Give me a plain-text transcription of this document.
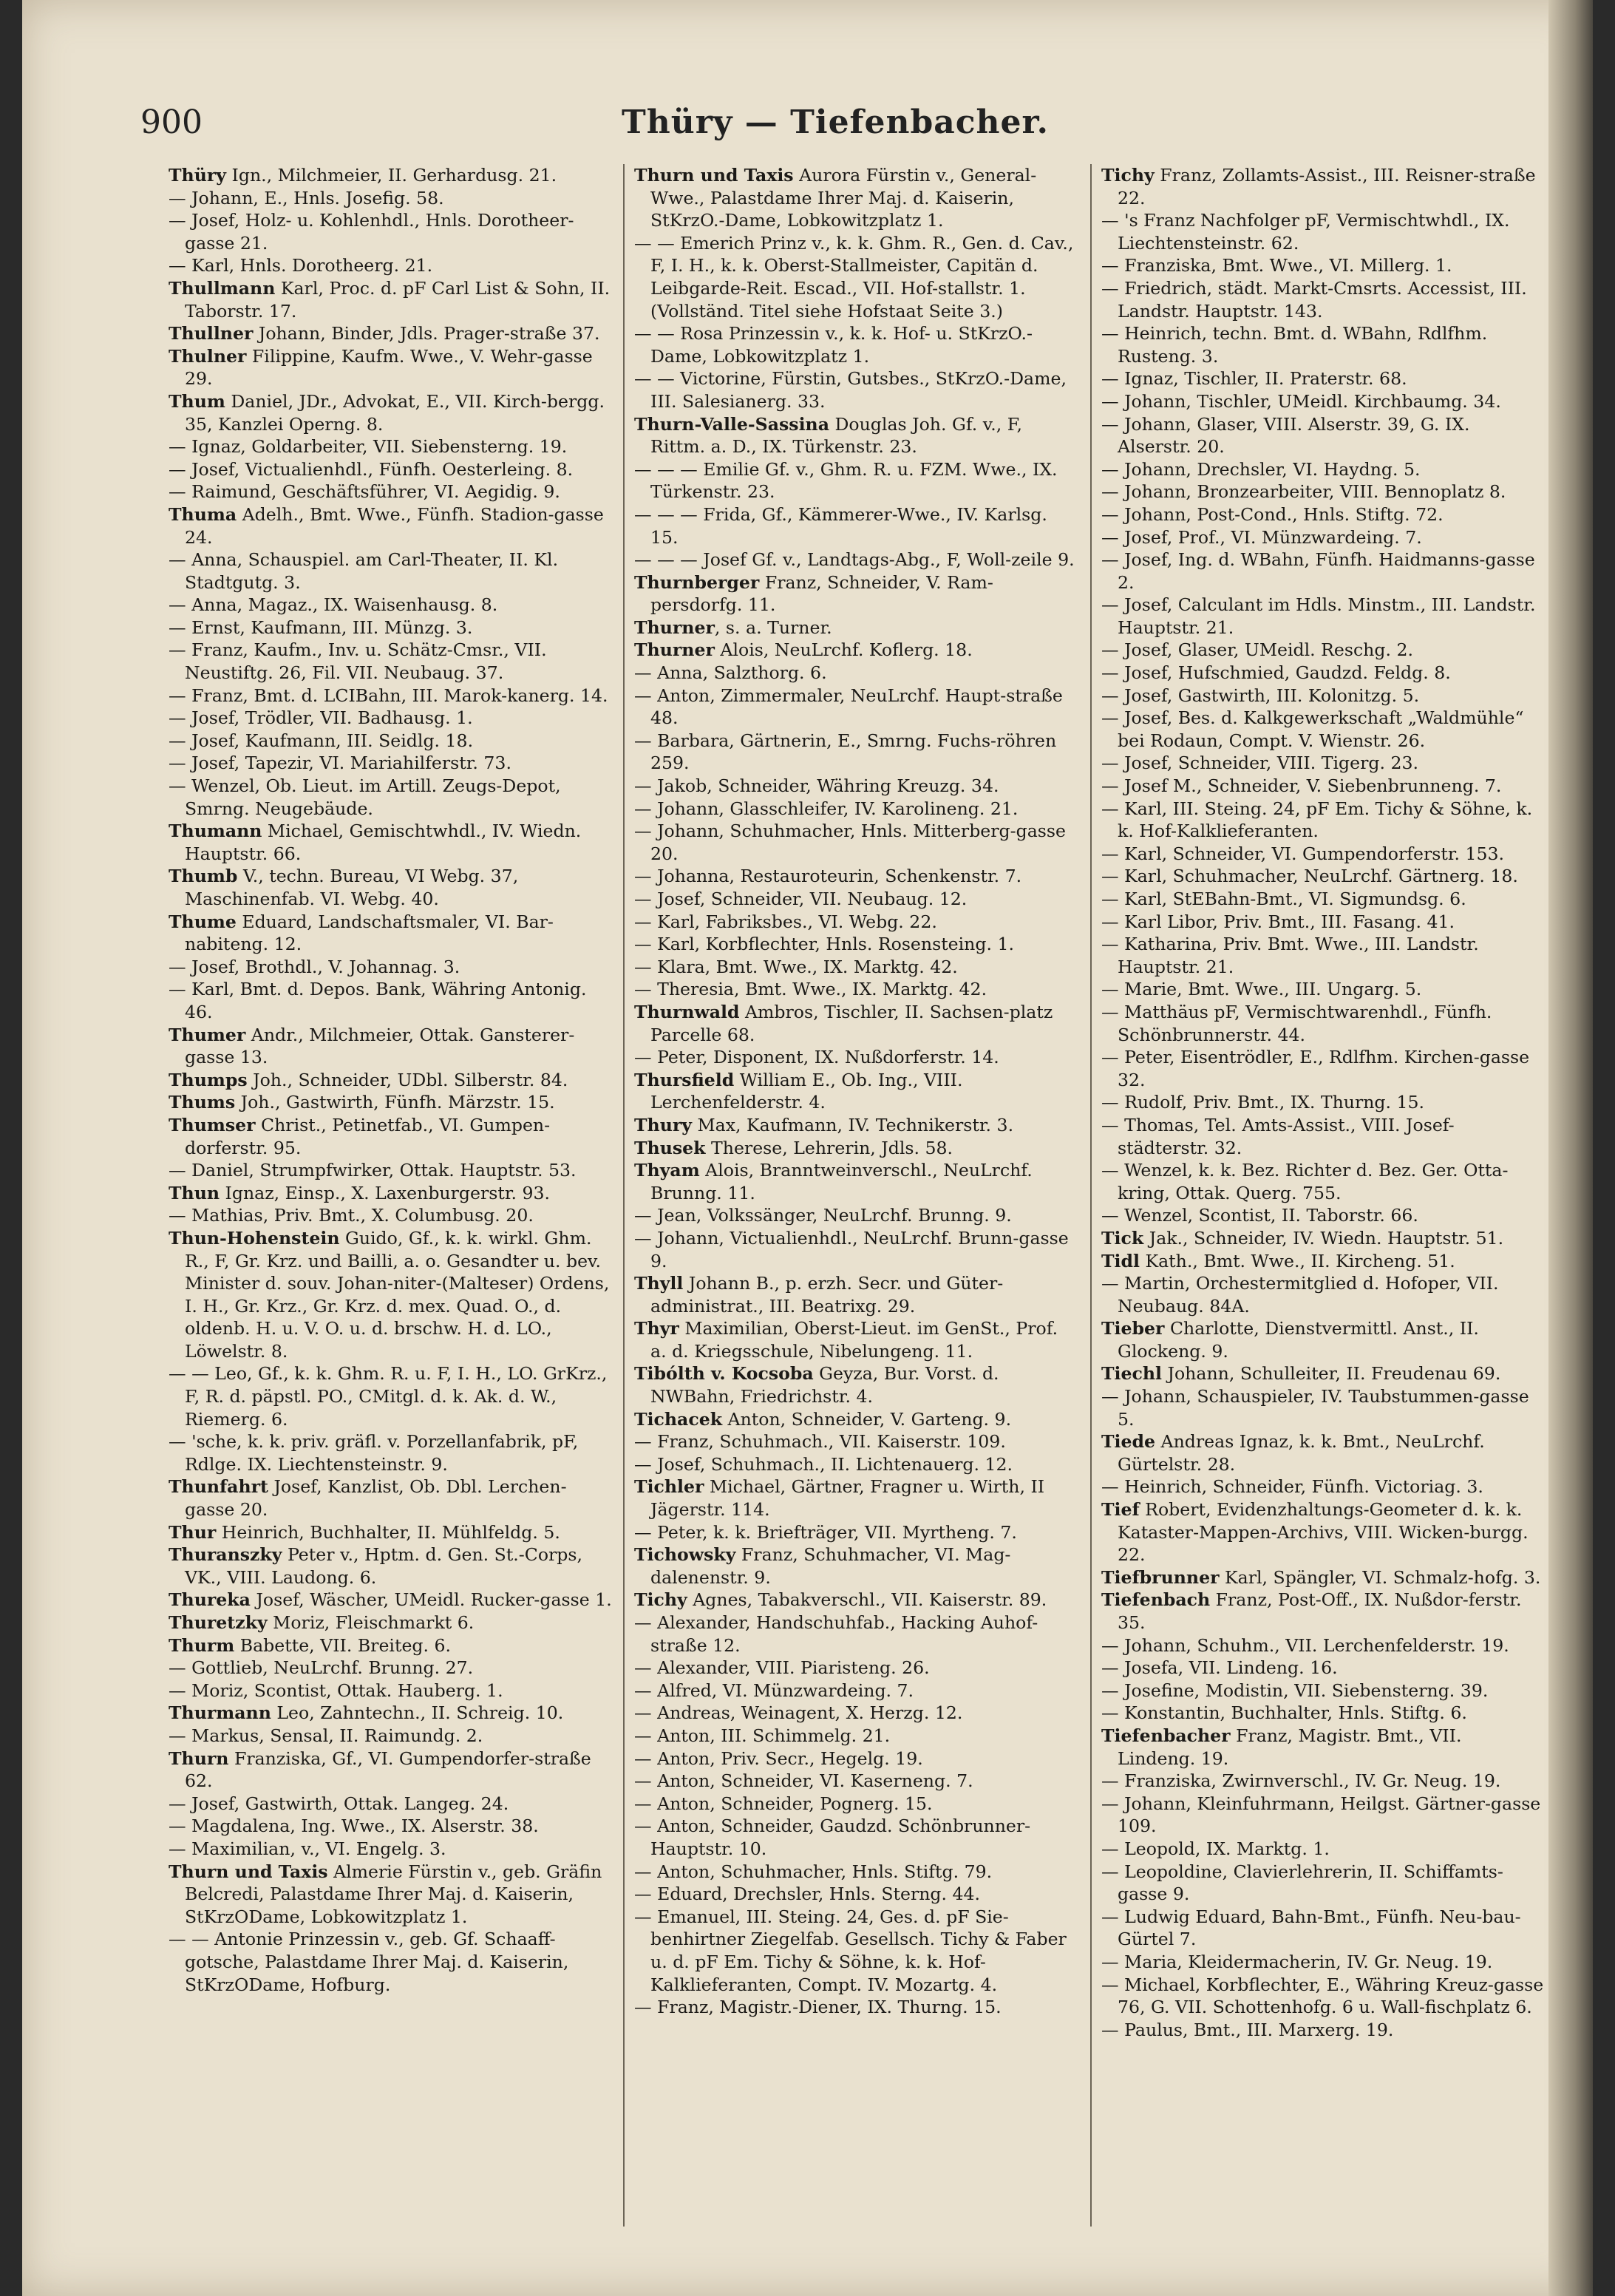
900	Thüry — Tiefenbacher.

Thüry Ign., Milchmeier, II. Gerhardusg. 21.

— Johann, E., Hnls. Josefig. 58.

— Josef, Holz- u. Kohlenhdl., Hnls. Dorotheer-gasse 21.

— Karl, Hnls. Dorotheerg. 21.

Thullmann Karl, Proc. d. pF Carl List & Sohn, II. Taborstr. 17.

Thullner Johann, Binder, Jdls. Prager-straße 37.

Thulner Filippine, Kaufm. Wwe., V. Wehr-gasse 29.

Thum Daniel, JDr., Advokat, E., VII. Kirch-bergg. 35, Kanzlei Operng. 8.

— Ignaz, Goldarbeiter, VII. Siebensterng. 19.

— Josef, Victualienhdl., Fünfh. Oesterleing. 8.

— Raimund, Geschäftsführer, VI. Aegidig. 9.

Thuma Adelh., Bmt. Wwe., Fünfh. Stadion-gasse 24.

— Anna, Schauspiel. am Carl-Theater, II. Kl. Stadtgutg. 3.

— Anna, Magaz., IX. Waisenhausg. 8.

— Ernst, Kaufmann, III. Münzg. 3.

— Franz, Kaufm., Inv. u. Schätz-Cmsr., VII. Neustiftg. 26, Fil. VII. Neubaug. 37.

— Franz, Bmt. d. LCIBahn, III. Marok-kanerg. 14.

— Josef, Trödler, VII. Badhausg. 1.

— Josef, Kaufmann, III. Seidlg. 18.

— Josef, Tapezir, VI. Mariahilferstr. 73.

— Wenzel, Ob. Lieut. im Artill. Zeugs-Depot, Smrng. Neugebäude.

Thumann Michael, Gemischtwhdl., IV. Wiedn. Hauptstr. 66.

Thumb V., techn. Bureau, VI Webg. 37, Maschinenfab. VI. Webg. 40.

Thume Eduard, Landschaftsmaler, VI. Bar-nabiteng. 12.

— Josef, Brothdl., V. Johannag. 3.

— Karl, Bmt. d. Depos. Bank, Währing Antonig. 46.

Thumer Andr., Milchmeier, Ottak. Gansterer-gasse 13.

Thumps Joh., Schneider, UDbl. Silberstr. 84.

Thums Joh., Gastwirth, Fünfh. Märzstr. 15.

Thumser Christ., Petinetfab., VI. Gumpen-dorferstr. 95.

— Daniel, Strumpfwirker, Ottak. Hauptstr. 53.

Thun Ignaz, Einsp., X. Laxenburgerstr. 93.

— Mathias, Priv. Bmt., X. Columbusg. 20.

Thun-Hohenstein Guido, Gf., k. k. wirkl. Ghm. R., F, Gr. Krz. und Bailli, a. o. Gesandter u. bev. Minister d. souv. Johan-niter-(Malteser) Ordens, I. H., Gr. Krz., Gr. Krz. d. mex. Quad. O., d. oldenb. H. u. V. O. u. d. brschw. H. d. LO., Löwelstr. 8.

— — Leo, Gf., k. k. Ghm. R. u. F, I. H., LO. GrKrz., F, R. d. päpstl. PO., CMitgl. d. k. Ak. d. W., Riemerg. 6.

— 'sche, k. k. priv. gräfl. v. Porzellanfabrik, pF, Rdlge. IX. Liechtensteinstr. 9.

Thunfahrt Josef, Kanzlist, Ob. Dbl. Lerchen-gasse 20.

Thur Heinrich, Buchhalter, II. Mühlfeldg. 5.

Thuranszky Peter v., Hptm. d. Gen. St.-Corps, VK., VIII. Laudong. 6.

Thureka Josef, Wäscher, UMeidl. Rucker-gasse 1.

Thuretzky Moriz, Fleischmarkt 6.

Thurm Babette, VII. Breiteg. 6.

— Gottlieb, NeuLrchf. Brunng. 27.

— Moriz, Scontist, Ottak. Hauberg. 1.

Thurmann Leo, Zahntechn., II. Schreig. 10.

— Markus, Sensal, II. Raimundg. 2.

Thurn Franziska, Gf., VI. Gumpendorfer-straße 62.

— Josef, Gastwirth, Ottak. Langeg. 24.

— Magdalena, Ing. Wwe., IX. Alserstr. 38.

— Maximilian, v., VI. Engelg. 3.

Thurn und Taxis Almerie Fürstin v., geb. Gräfin Belcredi, Palastdame Ihrer Maj. d. Kaiserin, StKrzODame, Lobkowitzplatz 1.

— — Antonie Prinzessin v., geb. Gf. Schaaff-gotsche, Palastdame Ihrer Maj. d. Kaiserin, StKrzODame, Hofburg.

Thurn und Taxis Aurora Fürstin v., General-Wwe., Palastdame Ihrer Maj. d. Kaiserin, StKrzO.-Dame, Lobkowitzplatz 1.

— — Emerich Prinz v., k. k. Ghm. R., Gen. d. Cav., F, I. H., k. k. Oberst-Stallmeister, Capitän d. Leibgarde-Reit. Escad., VII. Hof-stallstr. 1. (Vollständ. Titel siehe Hofstaat Seite 3.)

— — Rosa Prinzessin v., k. k. Hof- u. StKrzO.-Dame, Lobkowitzplatz 1.

— — Victorine, Fürstin, Gutsbes., StKrzO.-Dame, III. Salesianerg. 33.

Thurn-Valle-Sassina Douglas Joh. Gf. v., F, Rittm. a. D., IX. Türkenstr. 23.

— — — Emilie Gf. v., Ghm. R. u. FZM. Wwe., IX. Türkenstr. 23.

— — — Frida, Gf., Kämmerer-Wwe., IV. Karlsg. 15.

— — — Josef Gf. v., Landtags-Abg., F, Woll-zeile 9.

Thurnberger Franz, Schneider, V. Ram-persdorfg. 11.

Thurner, s. a. Turner.

Thurner Alois, NeuLrchf. Koflerg. 18.

— Anna, Salzthorg. 6.

— Anton, Zimmermaler, NeuLrchf. Haupt-straße 48.

— Barbara, Gärtnerin, E., Smrng. Fuchs-röhren 259.

— Jakob, Schneider, Währing Kreuzg. 34.

— Johann, Glasschleifer, IV. Karolineng. 21.

— Johann, Schuhmacher, Hnls. Mitterberg-gasse 20.

— Johanna, Restauroteurin, Schenkenstr. 7.

— Josef, Schneider, VII. Neubaug. 12.

— Karl, Fabriksbes., VI. Webg. 22.

— Karl, Korbflechter, Hnls. Rosensteing. 1.

— Klara, Bmt. Wwe., IX. Marktg. 42.

— Theresia, Bmt. Wwe., IX. Marktg. 42.

Thurnwald Ambros, Tischler, II. Sachsen-platz Parcelle 68.

— Peter, Disponent, IX. Nußdorferstr. 14.

Thursfield William E., Ob. Ing., VIII. Lerchenfelderstr. 4.

Thury Max, Kaufmann, IV. Technikerstr. 3.

Thusek Therese, Lehrerin, Jdls. 58.

Thyam Alois, Branntweinverschl., NeuLrchf. Brunng. 11.

— Jean, Volkssänger, NeuLrchf. Brunng. 9.

— Johann, Victualienhdl., NeuLrchf. Brunn-gasse 9.

Thyll Johann B., p. erzh. Secr. und Güter-administrat., III. Beatrixg. 29.

Thyr Maximilian, Oberst-Lieut. im GenSt., Prof. a. d. Kriegsschule, Nibelungeng. 11.

Tibólth v. Kocsoba Geyza, Bur. Vorst. d. NWBahn, Friedrichstr. 4.

Tichacek Anton, Schneider, V. Garteng. 9.

— Franz, Schuhmach., VII. Kaiserstr. 109.

— Josef, Schuhmach., II. Lichtenauerg. 12.

Tichler Michael, Gärtner, Fragner u. Wirth, II Jägerstr. 114.

— Peter, k. k. Briefträger, VII. Myrtheng. 7.

Tichowsky Franz, Schuhmacher, VI. Mag-dalenenstr. 9.

Tichy Agnes, Tabakverschl., VII. Kaiserstr. 89.

— Alexander, Handschuhfab., Hacking Auhof-straße 12.

— Alexander, VIII. Piaristeng. 26.

— Alfred, VI. Münzwardeing. 7.

— Andreas, Weinagent, X. Herzg. 12.

— Anton, III. Schimmelg. 21.

— Anton, Priv. Secr., Hegelg. 19.

— Anton, Schneider, VI. Kaserneng. 7.

— Anton, Schneider, Pognerg. 15.

— Anton, Schneider, Gaudzd. Schönbrunner-Hauptstr. 10.

— Anton, Schuhmacher, Hnls. Stiftg. 79.

— Eduard, Drechsler, Hnls. Sterng. 44.

— Emanuel, III. Steing. 24, Ges. d. pF Sie-benhirtner Ziegelfab. Gesellsch. Tichy & Faber u. d. pF Em. Tichy & Söhne, k. k. Hof-Kalklieferanten, Compt. IV. Mozartg. 4.

— Franz, Magistr.-Diener, IX. Thurng. 15.

Tichy Franz, Zollamts-Assist., III. Reisner-straße 22.

— 's Franz Nachfolger pF, Vermischtwhdl., IX. Liechtensteinstr. 62.

— Franziska, Bmt. Wwe., VI. Millerg. 1.

— Friedrich, städt. Markt-Cmsrts. Accessist, III. Landstr. Hauptstr. 143.

— Heinrich, techn. Bmt. d. WBahn, Rdlfhm. Rusteng. 3.

— Ignaz, Tischler, II. Praterstr. 68.

— Johann, Tischler, UMeidl. Kirchbaumg. 34.

— Johann, Glaser, VIII. Alserstr. 39, G. IX. Alserstr. 20.

— Johann, Drechsler, VI. Haydng. 5.

— Johann, Bronzearbeiter, VIII. Bennoplatz 8.

— Johann, Post-Cond., Hnls. Stiftg. 72.

— Josef, Prof., VI. Münzwardeing. 7.

— Josef, Ing. d. WBahn, Fünfh. Haidmanns-gasse 2.

— Josef, Calculant im Hdls. Minstm., III. Landstr. Hauptstr. 21.

— Josef, Glaser, UMeidl. Reschg. 2.

— Josef, Hufschmied, Gaudzd. Feldg. 8.

— Josef, Gastwirth, III. Kolonitzg. 5.

— Josef, Bes. d. Kalkgewerkschaft „Waldmühle“ bei Rodaun, Compt. V. Wienstr. 26.

— Josef, Schneider, VIII. Tigerg. 23.

— Josef M., Schneider, V. Siebenbrunneng. 7.

— Karl, III. Steing. 24, pF Em. Tichy & Söhne, k. k. Hof-Kalklieferanten.

— Karl, Schneider, VI. Gumpendorferstr. 153.

— Karl, Schuhmacher, NeuLrchf. Gärtnerg. 18.

— Karl, StEBahn-Bmt., VI. Sigmundsg. 6.

— Karl Libor, Priv. Bmt., III. Fasang. 41.

— Katharina, Priv. Bmt. Wwe., III. Landstr. Hauptstr. 21.

— Marie, Bmt. Wwe., III. Ungarg. 5.

— Matthäus pF, Vermischtwarenhdl., Fünfh. Schönbrunnerstr. 44.

— Peter, Eisentrödler, E., Rdlfhm. Kirchen-gasse 32.

— Rudolf, Priv. Bmt., IX. Thurng. 15.

— Thomas, Tel. Amts-Assist., VIII. Josef-städterstr. 32.

— Wenzel, k. k. Bez. Richter d. Bez. Ger. Otta-kring, Ottak. Querg. 755.

— Wenzel, Scontist, II. Taborstr. 66.

Tick Jak., Schneider, IV. Wiedn. Hauptstr. 51.

Tidl Kath., Bmt. Wwe., II. Kircheng. 51.

— Martin, Orchestermitglied d. Hofoper, VII. Neubaug. 84A.

Tieber Charlotte, Dienstvermittl. Anst., II. Glockeng. 9.

Tiechl Johann, Schulleiter, II. Freudenau 69.

— Johann, Schauspieler, IV. Taubstummen-gasse 5.

Tiede Andreas Ignaz, k. k. Bmt., NeuLrchf. Gürtelstr. 28.

— Heinrich, Schneider, Fünfh. Victoriag. 3.

Tief Robert, Evidenzhaltungs-Geometer d. k. k. Kataster-Mappen-Archivs, VIII. Wicken-burgg. 22.

Tiefbrunner Karl, Spängler, VI. Schmalz-hofg. 3.

Tiefenbach Franz, Post-Off., IX. Nußdor-ferstr. 35.

— Johann, Schuhm., VII. Lerchenfelderstr. 19.

— Josefa, VII. Lindeng. 16.

— Josefine, Modistin, VII. Siebensterng. 39.

— Konstantin, Buchhalter, Hnls. Stiftg. 6.

Tiefenbacher Franz, Magistr. Bmt., VII. Lindeng. 19.

— Franziska, Zwirnverschl., IV. Gr. Neug. 19.

— Johann, Kleinfuhrmann, Heilgst. Gärtner-gasse 109.

— Leopold, IX. Marktg. 1.

— Leopoldine, Clavierlehrerin, II. Schiffamts-gasse 9.

— Ludwig Eduard, Bahn-Bmt., Fünfh. Neu-bau-Gürtel 7.

— Maria, Kleidermacherin, IV. Gr. Neug. 19.

— Michael, Korbflechter, E., Währing Kreuz-gasse 76, G. VII. Schottenhofg. 6 u. Wall-fischplatz 6.

— Paulus, Bmt., III. Marxerg. 19.
